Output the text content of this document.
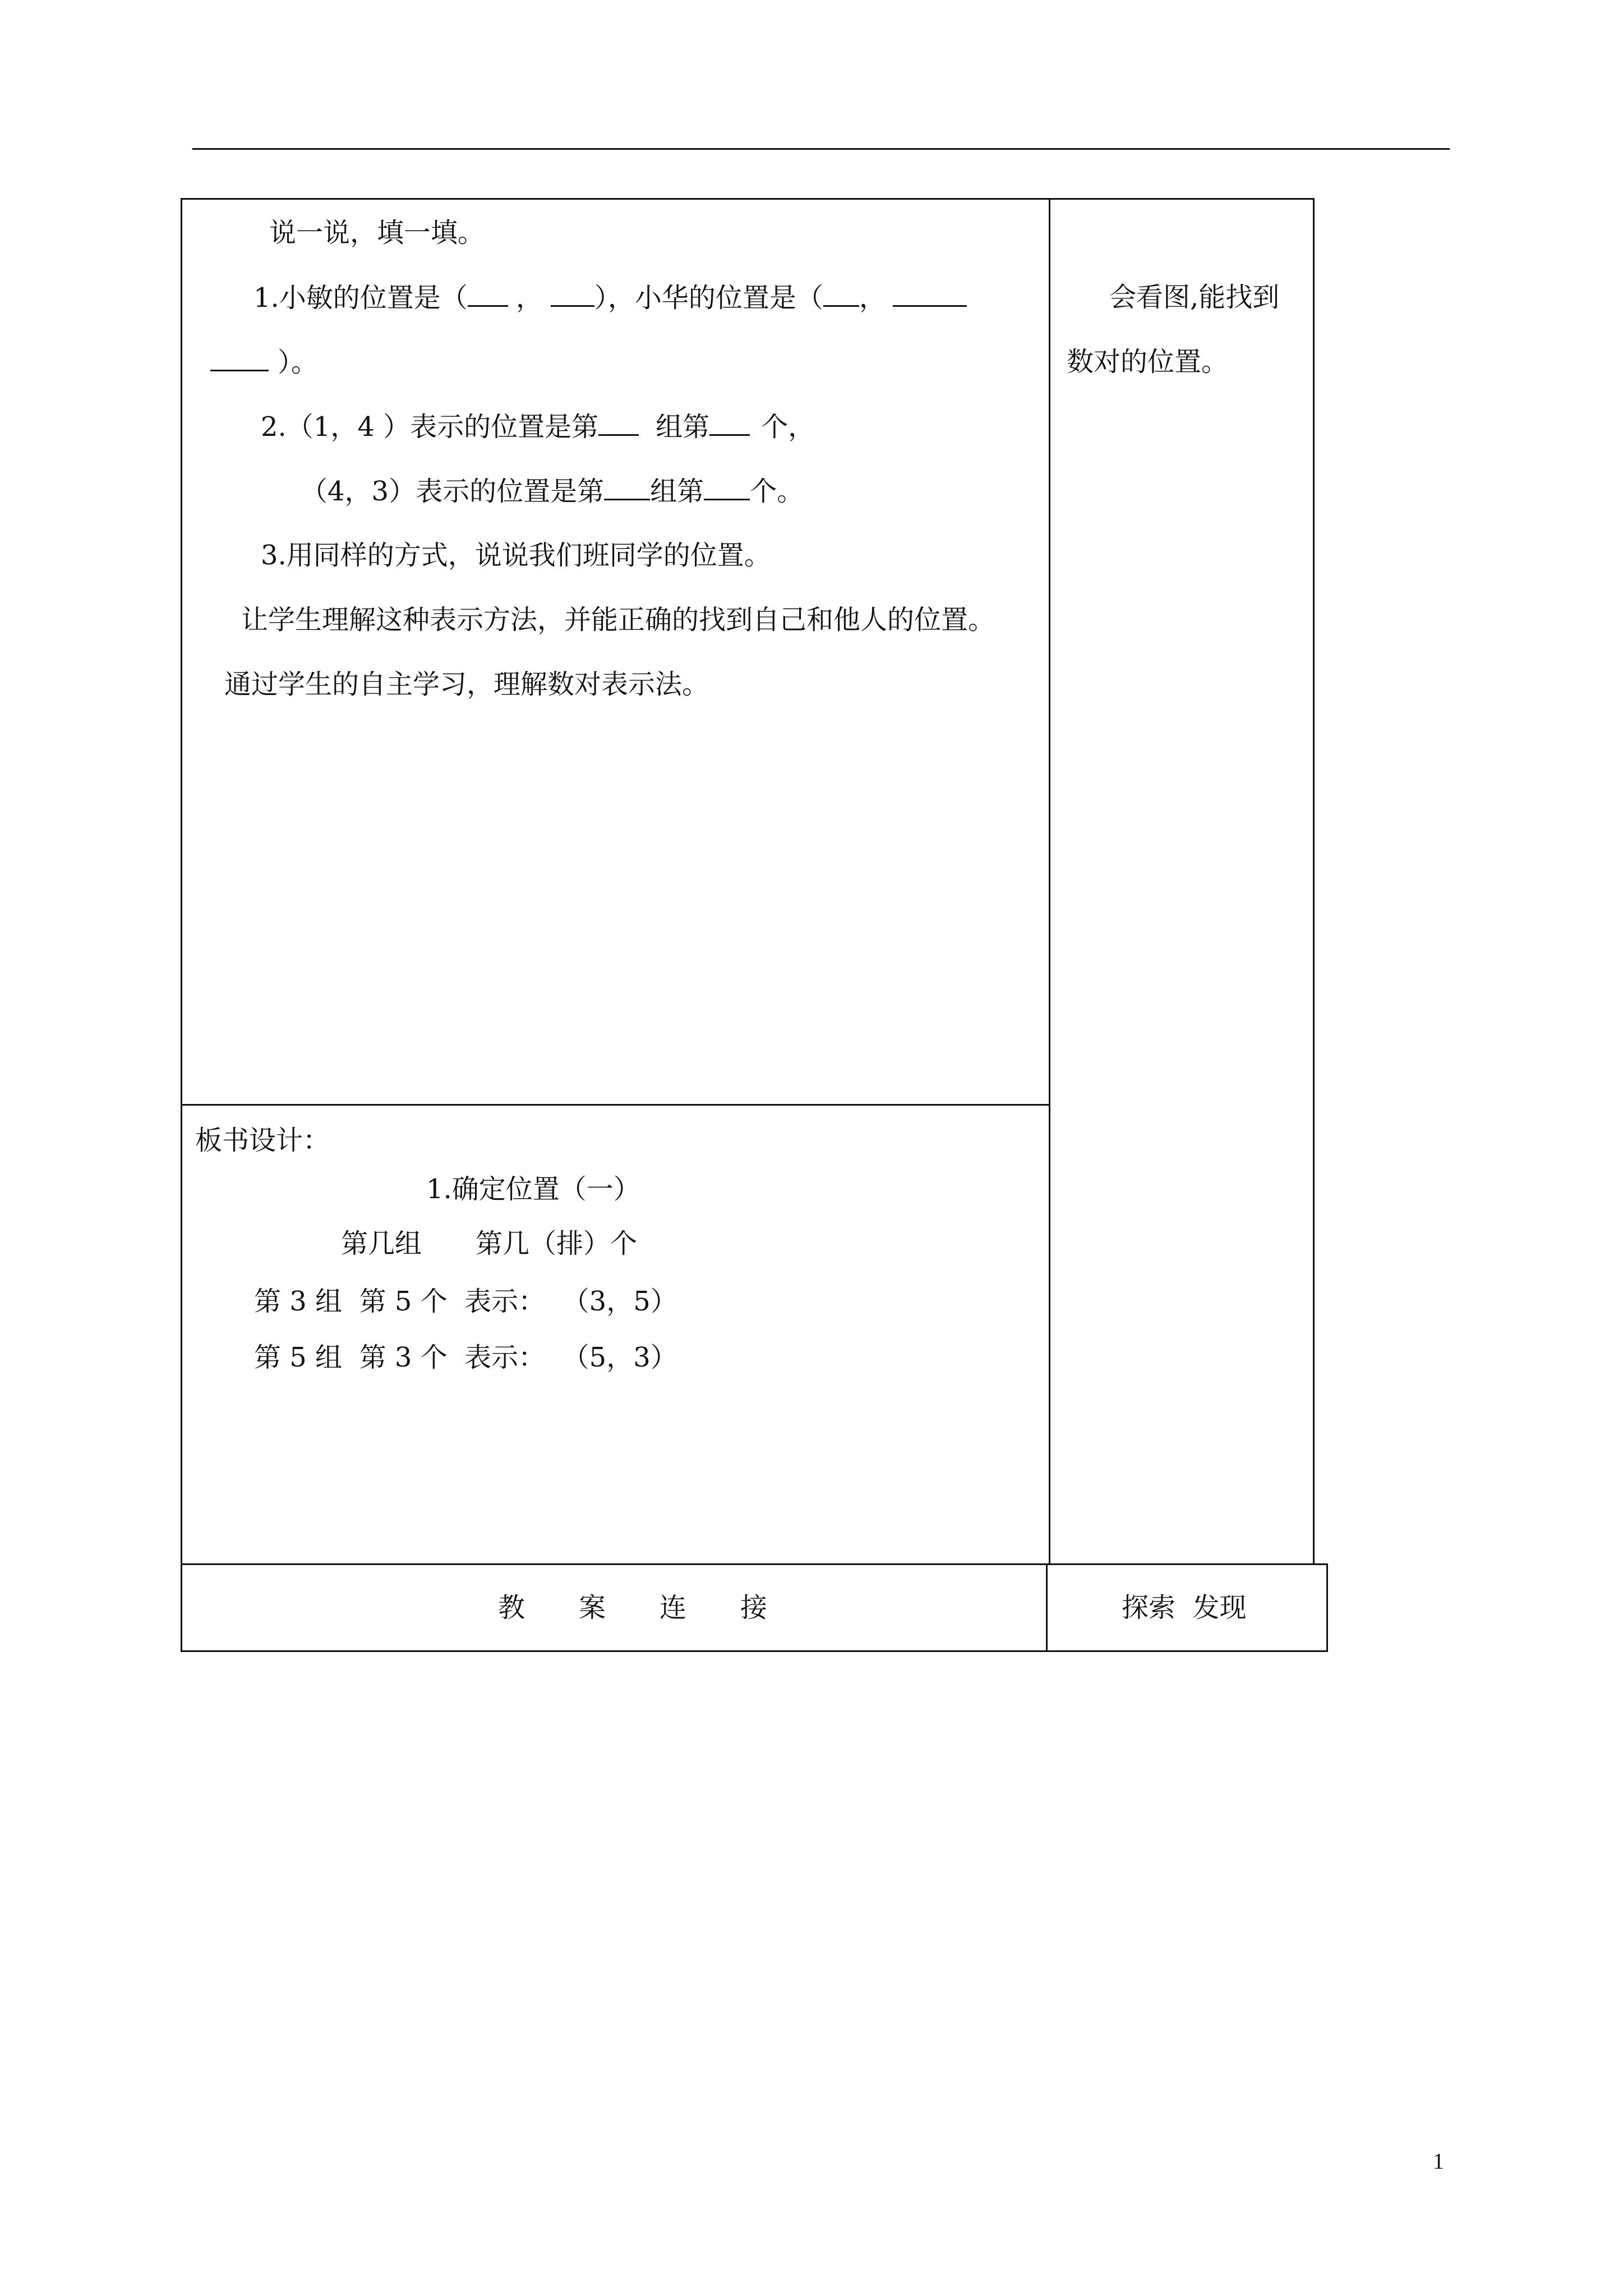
说一说，填一填。
1.小敏的位置是（ ， ），小华的位置是（ ，
）。
2.（1，4 ）表示的位置是第 组第 个，
（4，3）表示的位置是第 组第 个。
3.用同样的方式，说说我们班同学的位置。
让学生理解这种表示方法，并能正确的找到自己和他人的位置。
通过学生的自主学习，理解数对表示法。
会看图,能找到
数对的位置。
板书设计：
1.确定位置（一）
第几组　　第几（排）个
第 3 组  第 5 个  表示：  （3，5）
第 5 组  第 3 个  表示：  （5，3）
教　　案　　连　　接	探索  发现
1
